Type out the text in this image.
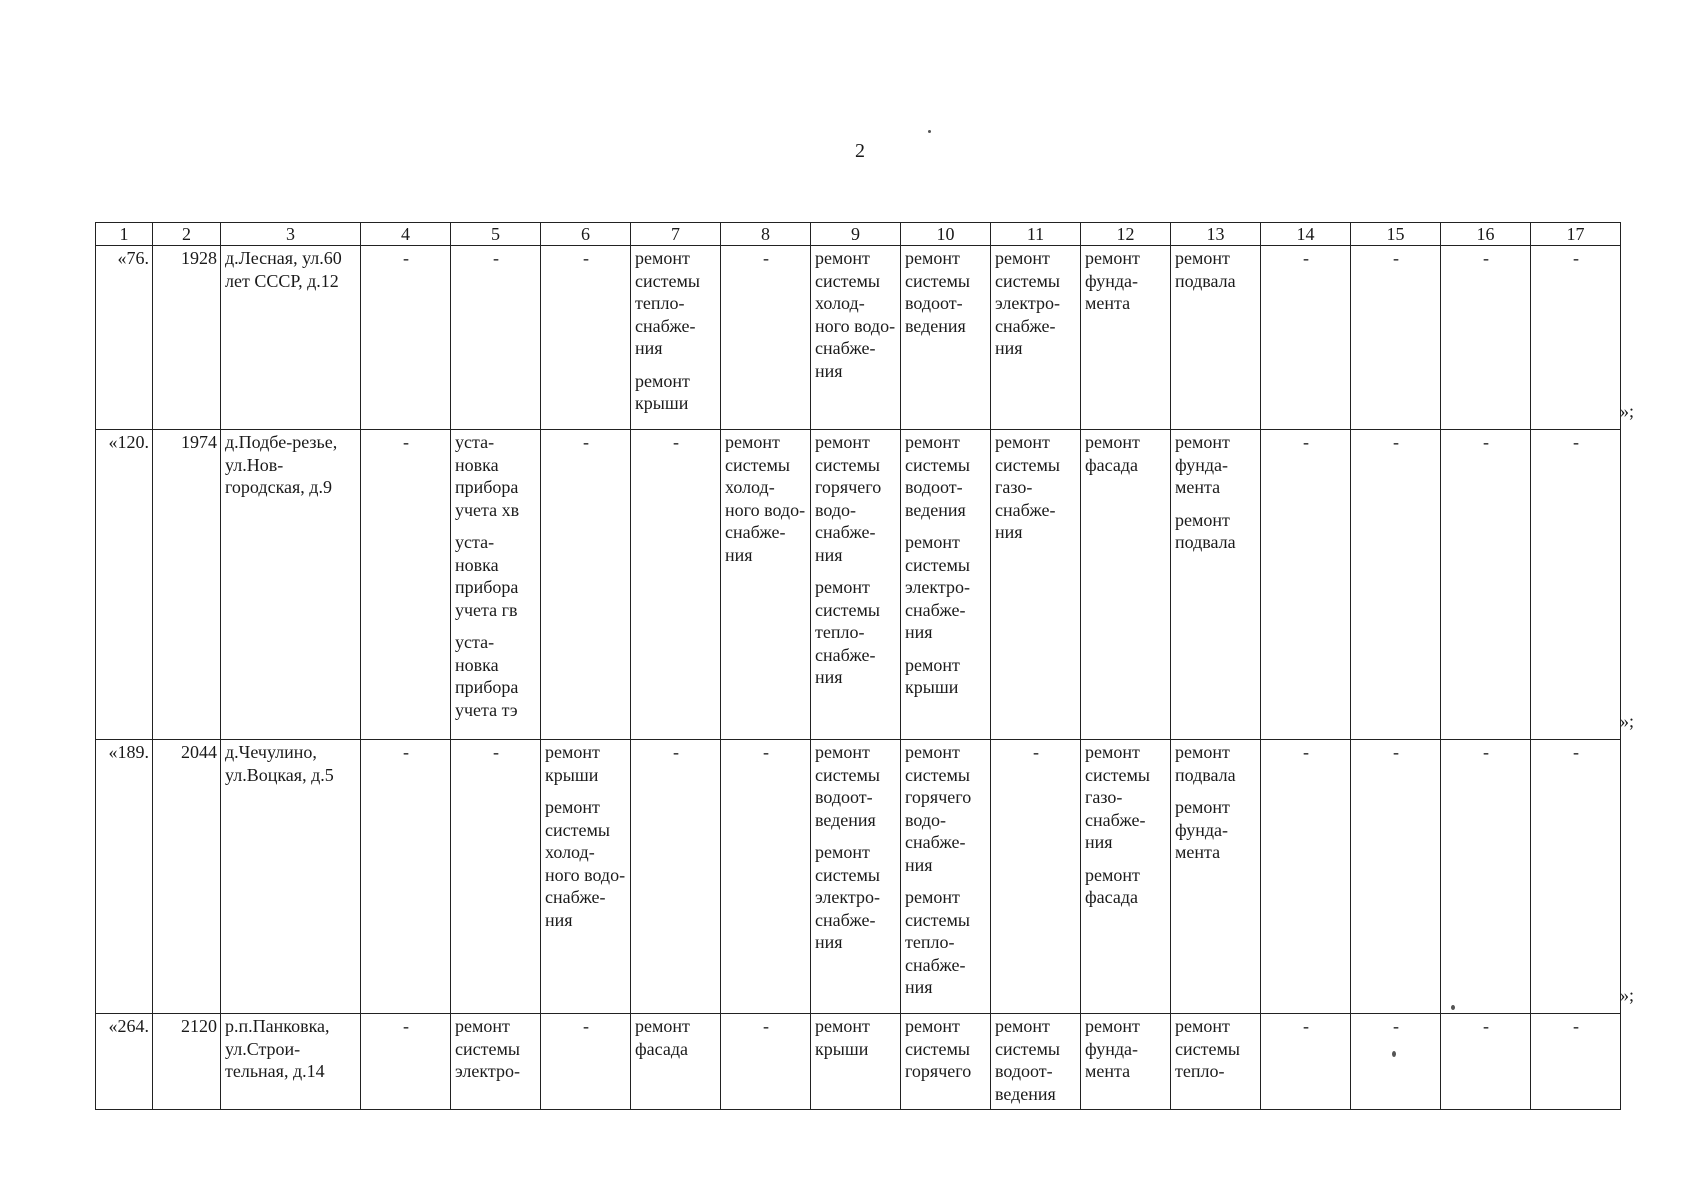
2
1	2	3	4	5	6	7	8	9	10	11	12	13	14	15	16	17

«76.	1928	д.Лесная, ул.60 лет СССР, д.12	-	-	-	ремонт системы тепло-снабже-ния
ремонт крыши	-	ремонт системы холод-ного водо-снабже-ния	ремонт системы водоот-ведения	ремонт системы электро-снабже-ния	ремонт фунда-мента	ремонт подвала	-	-	-	-

«120.	1974	д.Подбе-резье, ул.Нов-городская, д.9	-	уста-новка прибора учета хв
уста-новка прибора учета гв
уста-новка прибора учета тэ	-	-	ремонт системы холод-ного водо-снабже-ния	ремонт системы горячего водо-снабже-ния
ремонт системы тепло-снабже-ния	ремонт системы водоот-ведения
ремонт системы электро-снабже-ния
ремонт крыши	ремонт системы газо-снабже-ния	ремонт фасада	ремонт фунда-мента
ремонт подвала	-	-	-	-

«189.	2044	д.Чечулино, ул.Воцкая, д.5	-	-	ремонт крыши
ремонт системы холод-ного водо-снабже-ния	-	-	ремонт системы водоот-ведения
ремонт системы электро-снабже-ния	ремонт системы горячего водо-снабже-ния
ремонт системы тепло-снабже-ния	-	ремонт системы газо-снабже-ния
ремонт фасада	ремонт подвала
ремонт фунда-мента	-	-	-	-

«264.	2120	р.п.Панковка, ул.Строи-тельная, д.14	-	ремонт системы электро-	-	ремонт фасада	-	ремонт крыши	ремонт системы горячего	ремонт системы водоот-ведения	ремонт фунда-мента	ремонт системы тепло-	-	-	-	-
»;
»;
»;
